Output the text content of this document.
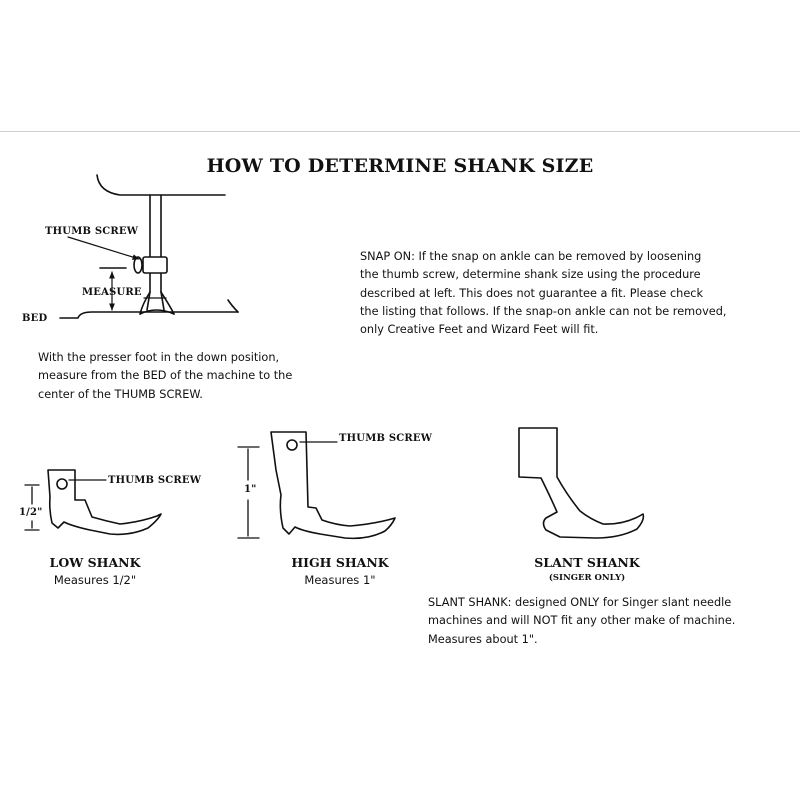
HOW TO DETERMINE SHANK SIZE
THUMB SCREW
MEASURE
BED
With the presser foot in the down position,
measure from the BED of the machine to the
center of the THUMB SCREW.
SNAP ON: If the snap on ankle can be removed by loosening
the thumb screw, determine shank size using the procedure
described at left. This does not guarantee a fit. Please check
the listing that follows. If the snap-on ankle can not be removed,
only Creative Feet and Wizard Feet will fit.
THUMB SCREW
1/2"
LOW SHANK
Measures 1/2"
THUMB SCREW
1"
HIGH SHANK
Measures 1"
SLANT SHANK
(SINGER ONLY)
SLANT SHANK: designed ONLY for Singer slant needle
machines and will NOT fit any other make of machine.
Measures about 1".
